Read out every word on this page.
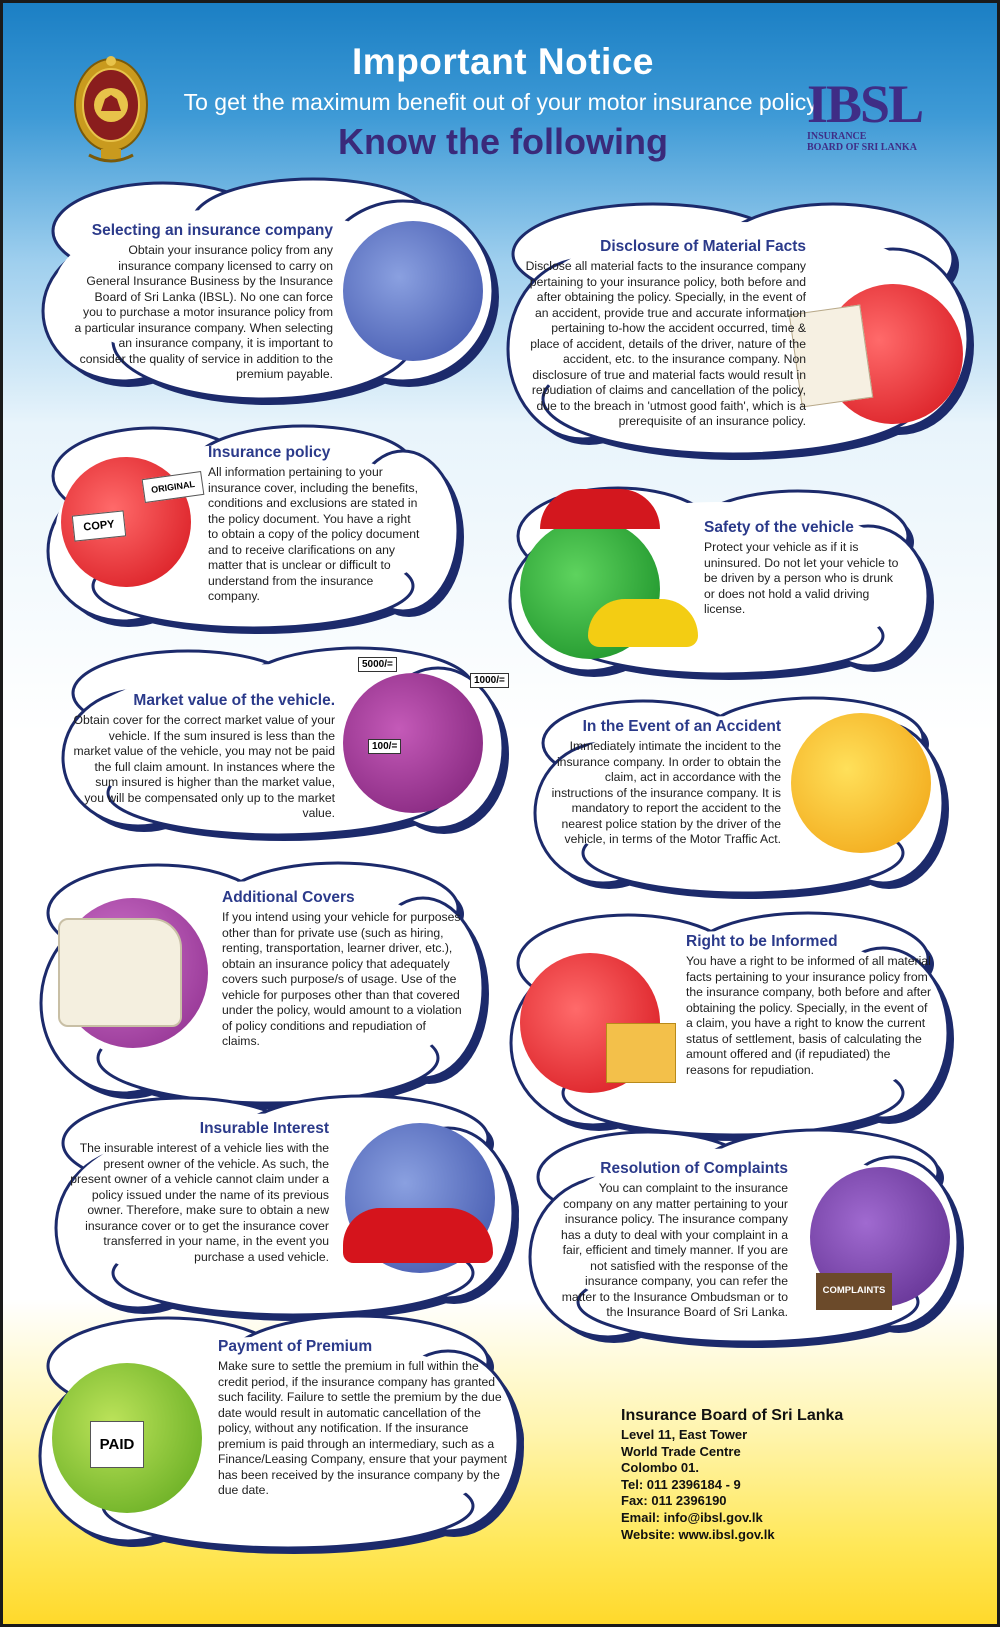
Important Notice
To get the maximum benefit out of your motor insurance policy,
Know the following
IBSL
INSURANCE
BOARD OF SRI LANKA
Selecting an insurance company

Obtain your insurance policy from any insurance company licensed to carry on General Insurance Business by the Insurance Board of Sri Lanka (IBSL). No one can force you to purchase a motor insurance policy from a particular insurance company. When selecting an insurance company, it is important to consider the quality of service in addition to the premium payable.

Disclosure of Material Facts

Disclose all material facts to the insurance company pertaining to your insurance policy, both before and after obtaining the policy. Specially, in the event of an accident, provide true and accurate information pertaining to-how the accident occurred, time & place of accident, details of the driver, nature of the accident, etc. to the insurance company. Non disclosure of true and material facts would result in repudiation of claims and cancellation of the policy, due to the breach in 'utmost good faith', which is a prerequisite of an insurance policy.

COPY
ORIGINAL
Insurance policy

All information pertaining to your insurance cover, including the benefits, conditions and exclusions are stated in the policy document. You have a right to obtain a copy of the policy document and to receive clarifications on any matter that is unclear or difficult to understand from the insurance company.

Safety of the vehicle

Protect your vehicle as if it is uninsured. Do not let your vehicle to be driven by a person who is drunk or does not hold a valid driving license.

5000/=
1000/=
100/=
Market value of the vehicle.

Obtain cover for the correct market value of your vehicle. If the sum insured is less than the market value of the vehicle, you may not be paid the full claim amount. In instances where the sum insured is higher than the market value, you will be compensated only up to the market value.

In the Event of an Accident

Immediately intimate the incident to the insurance company. In order to obtain the claim, act in accordance with the instructions of the insurance company. It is mandatory to report the accident to the nearest police station by the driver of the vehicle, in terms of the Motor Traffic Act.

Additional Covers

If you intend using your vehicle for purposes other than for private use (such as hiring, renting, transportation, learner driver, etc.), obtain an insurance policy that adequately covers such purpose/s of usage. Use of the vehicle for purposes other than that covered under the policy, would amount to a violation of policy conditions and repudiation of claims.

Right to be Informed

You have a right to be informed of all material facts pertaining to your insurance policy from the insurance company, both before and after obtaining the policy. Specially, in the event of a claim, you have a right to know the current status of settlement, basis of calculating the amount offered and (if repudiated) the reasons for repudiation.

Insurable Interest

The insurable interest of a vehicle lies with the present owner of the vehicle. As such, the present owner of a vehicle cannot claim under a policy issued under the name of its previous owner. Therefore, make sure to obtain a new insurance cover or to get the insurance cover transferred in your name, in the event you purchase a used vehicle.

COMPLAINTS
Resolution of Complaints

You can complaint to the insurance company on any matter pertaining to your insurance policy. The insurance company has a duty to deal with your complaint in a fair, efficient and timely manner. If you are not satisfied with the response of the insurance company, you can refer the matter to the Insurance Ombudsman or to the Insurance Board of Sri Lanka.

PAID
Payment of Premium

Make sure to settle the premium in full within the credit period, if the insurance company has granted such facility. Failure to settle the premium by the due date would result in automatic cancellation of the policy, without any notification. If the insurance premium is paid through an intermediary, such as a Finance/Leasing Company, ensure that your payment has been received by the insurance company by the due date.

Insurance Board of Sri Lanka
Level 11, East Tower
World Trade Centre
Colombo 01.
Tel: 011 2396184 - 9
Fax: 011 2396190
Email: info@ibsl.gov.lk
Website: www.ibsl.gov.lk
